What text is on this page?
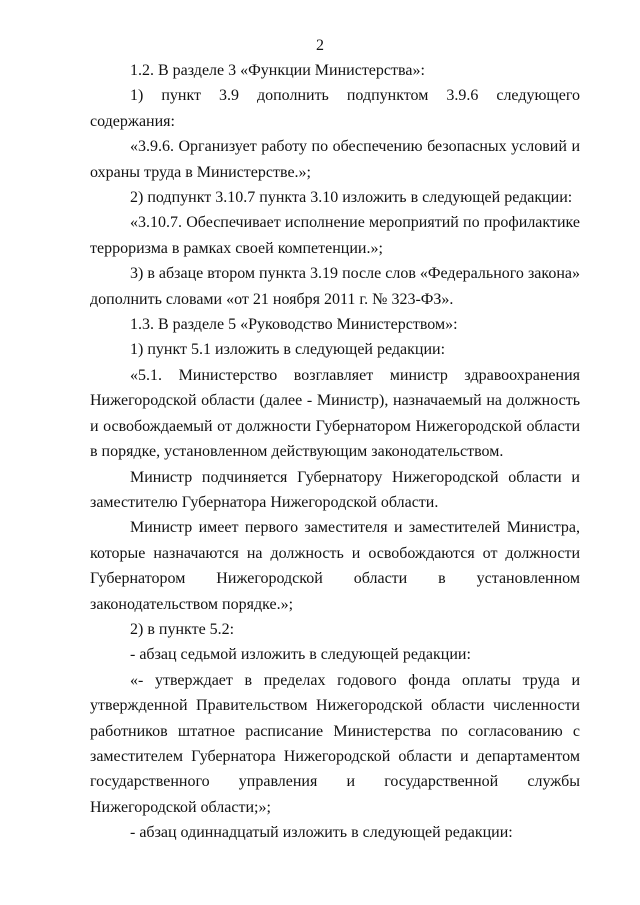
2

1.2. В разделе 3 «Функции Министерства»:

1) пункт 3.9 дополнить подпунктом 3.9.6 следующего содержания:

«3.9.6. Организует работу по обеспечению безопасных условий и охраны труда в Министерстве.»;

2) подпункт 3.10.7 пункта 3.10 изложить в следующей редакции:

«3.10.7. Обеспечивает исполнение мероприятий по профилактике терроризма в рамках своей компетенции.»;

3) в абзаце втором пункта 3.19 после слов «Федерального закона» дополнить словами «от 21 ноября 2011 г. № 323-ФЗ».

1.3. В разделе 5 «Руководство Министерством»:

1) пункт 5.1 изложить в следующей редакции:

«5.1. Министерство возглавляет министр здравоохранения Нижегородской области (далее - Министр), назначаемый на должность и освобождаемый от должности Губернатором Нижегородской области в порядке, установленном действующим законодательством.

Министр подчиняется Губернатору Нижегородской области и заместителю Губернатора Нижегородской области.

Министр имеет первого заместителя и заместителей Министра, которые назначаются на должность и освобождаются от должности Губернатором Нижегородской области в установленном законодательством порядке.»;

2) в пункте 5.2:

- абзац седьмой изложить в следующей редакции:

«- утверждает в пределах годового фонда оплаты труда и утвержденной Правительством Нижегородской области численности работников штатное расписание Министерства по согласованию с заместителем Губернатора Нижегородской области и департаментом государственного управления и государственной службы Нижегородской области;»;

- абзац одиннадцатый изложить в следующей редакции:
